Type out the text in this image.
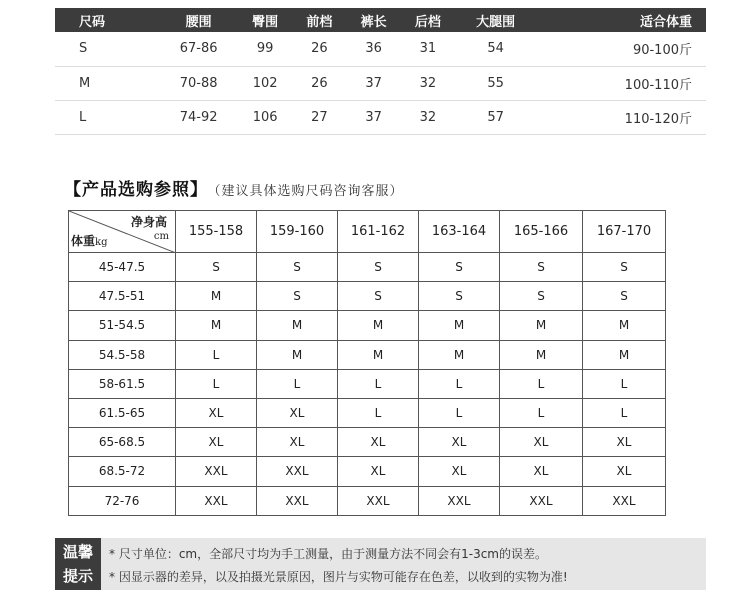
尺码	腰围	臀围	前档	裤长	后档	大腿围	适合体重
S	67-86	99	26	36	31	54	90-100斤
M	70-88	102	26	37	32	55	100-110斤
L	74-92	106	27	37	32	57	110-120斤
【产品选购参照】 （建议具体选购尺码咨询客服）
净身高
cm
体重kg	155-158	159-160	161-162	163-164	165-166	167-170
45-47.5	S	S	S	S	S	S
47.5-51	M	S	S	S	S	S
51-54.5	M	M	M	M	M	M
54.5-58	L	M	M	M	M	M
58-61.5	L	L	L	L	L	L
61.5-65	XL	XL	L	L	L	L
65-68.5	XL	XL	XL	XL	XL	XL
68.5-72	XXL	XXL	XL	XL	XL	XL
72-76	XXL	XXL	XXL	XXL	XXL	XXL
温馨
提示
* 尺寸单位：cm，全部尺寸均为手工测量，由于测量方法不同会有1-3cm的误差。
* 因显示器的差异，以及拍摄光景原因，图片与实物可能存在色差，以收到的实物为准!
